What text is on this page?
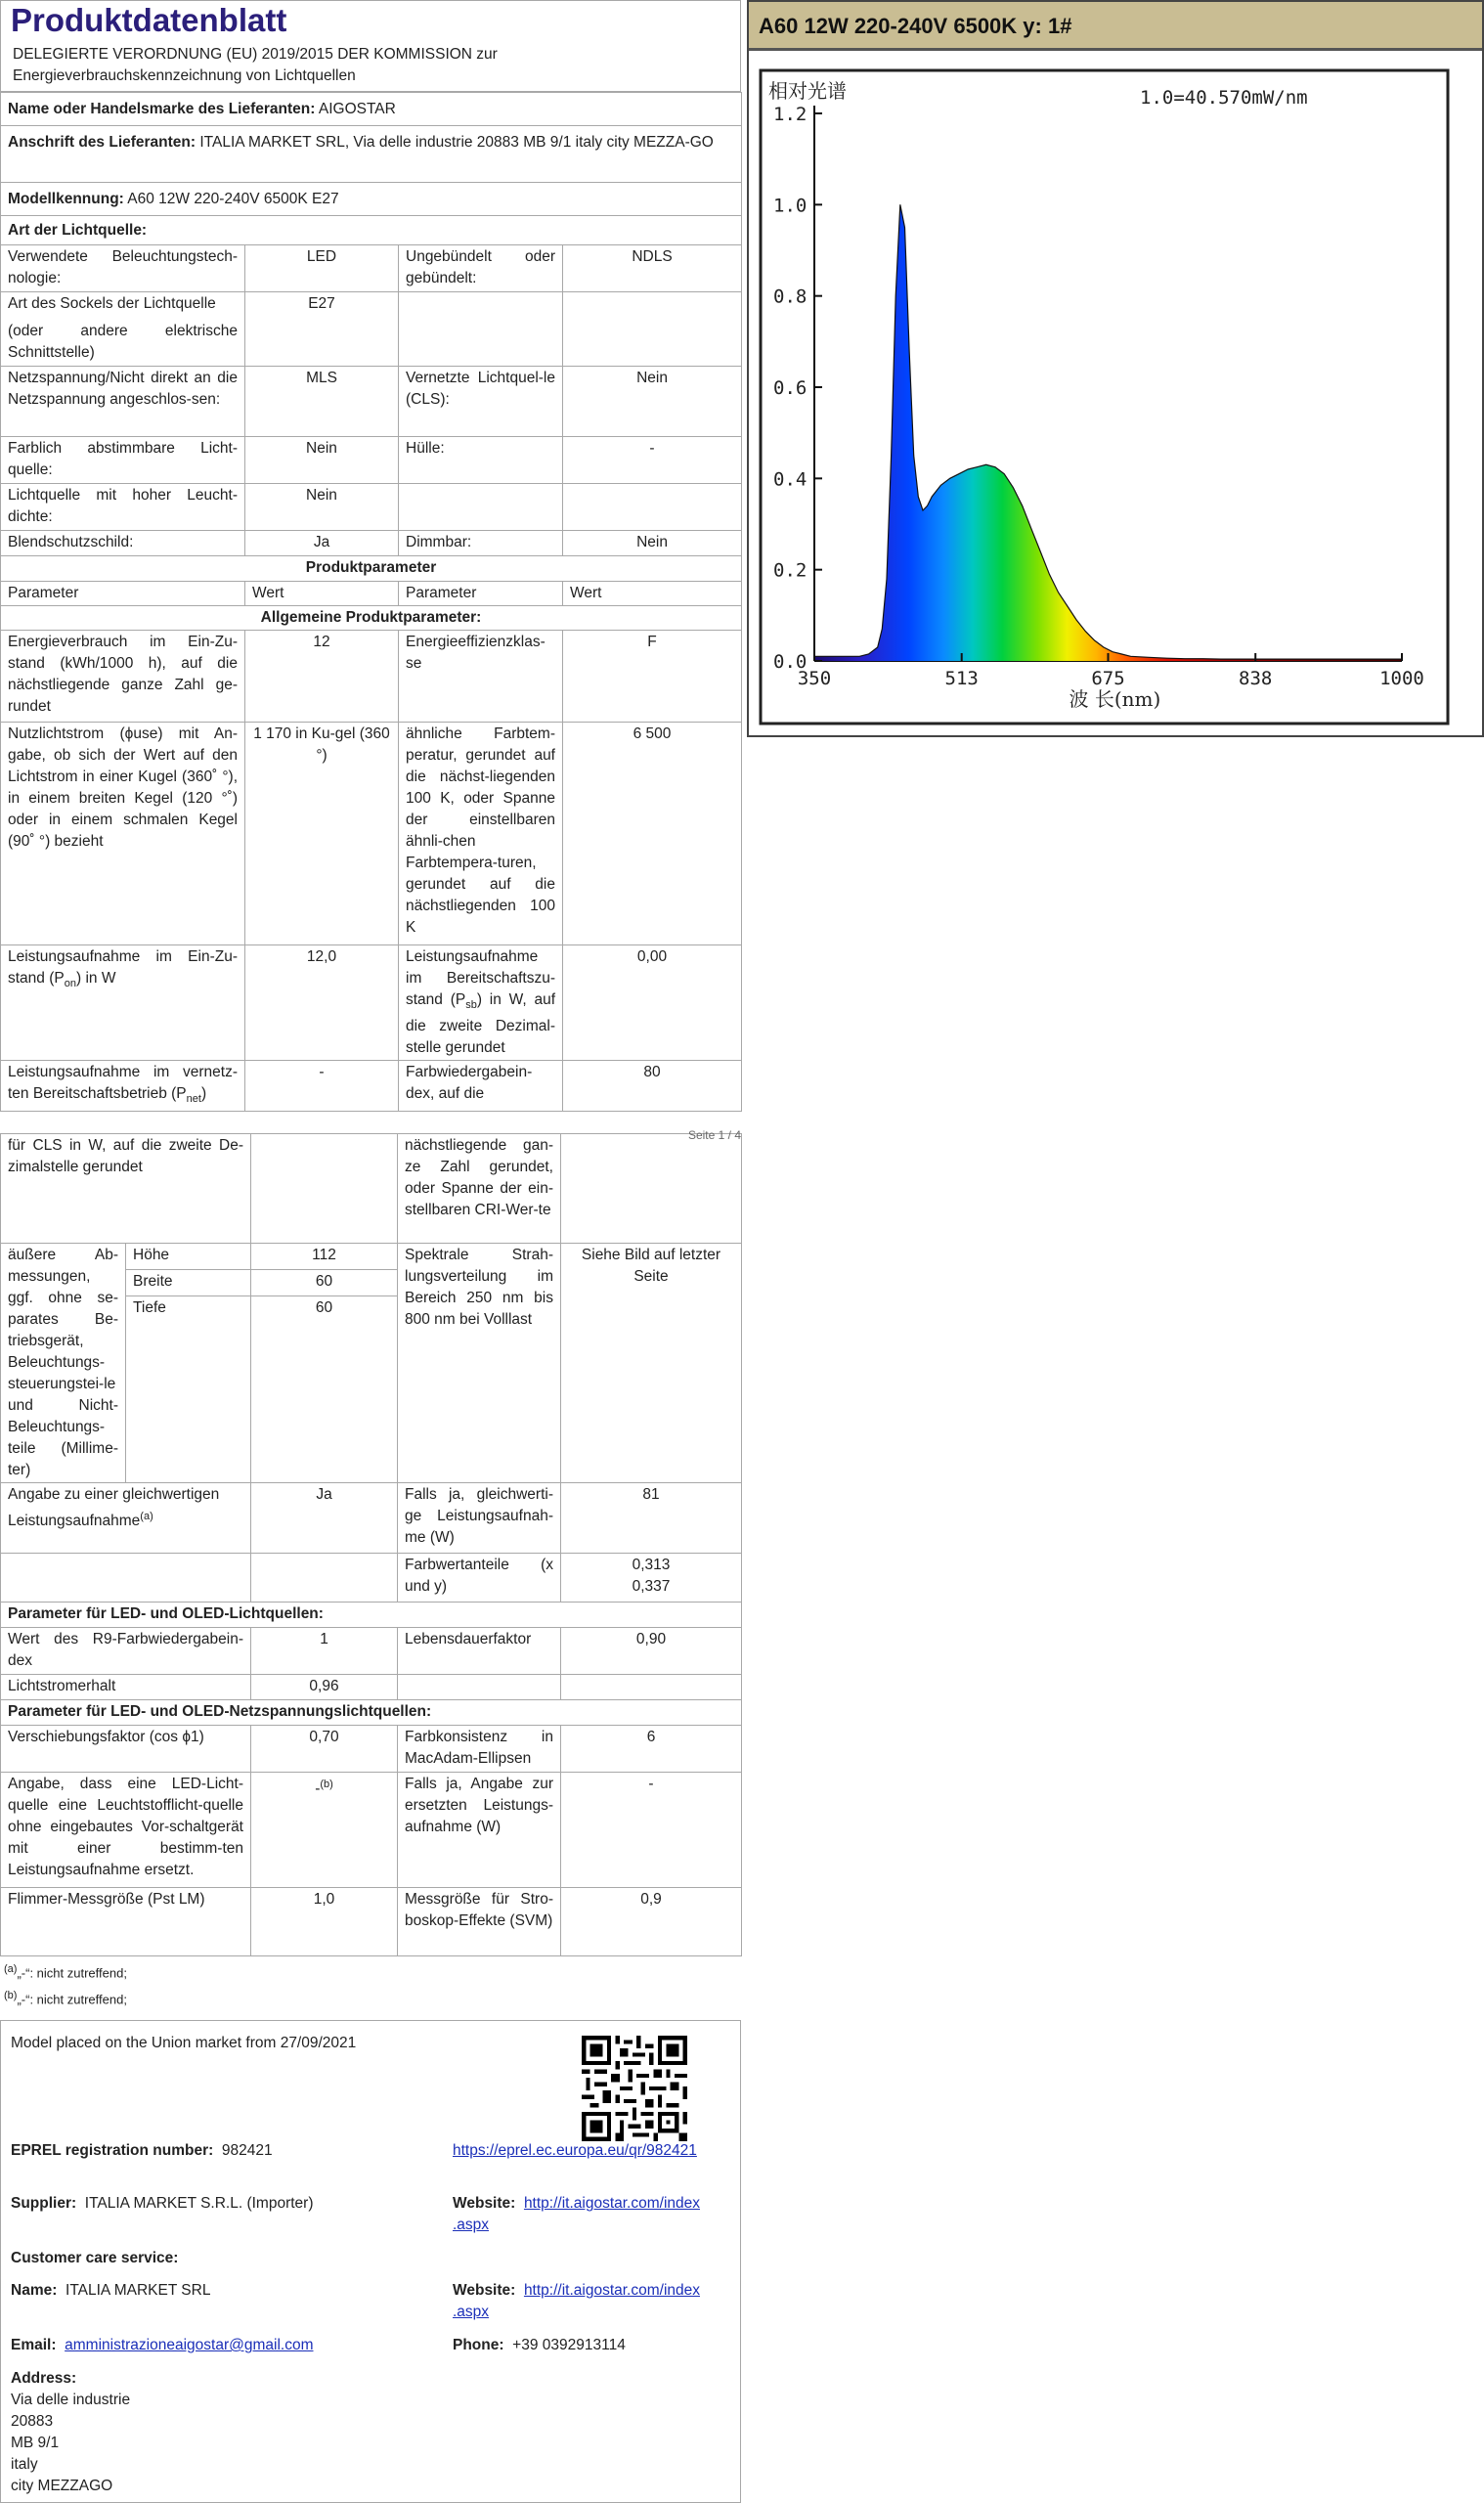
Produktdatenblatt
DELEGIERTE VERORDNUNG (EU) 2019/2015 DER KOMMISSION zur
Energieverbrauchskennzeichnung von Lichtquellen
Name oder Handelsmarke des Lieferanten: AIGOSTAR			
Anschrift des Lieferanten: ITALIA MARKET SRL, Via delle industrie 20883 MB 9/1 italy city MEZZA-GO			
Modellkennung: A60 12W 220-240V 6500K E27			
Art der Lichtquelle:			
Verwendete Beleuchtungstech-nologie:	LED	Ungebündelt oder gebündelt:	NDLS

Art des Sockels der Lichtquelle
(oder andere elektrische Schnittstelle)	E27		
Netzspannung/Nicht direkt an die Netzspannung angeschlos-sen:	MLS	Vernetzte Lichtquel-le (CLS):	Nein
Farblich abstimmbare Licht-quelle:	Nein	Hülle:	-
Lichtquelle mit hoher Leucht-dichte:	Nein		
Blendschutzschild:	Ja	Dimmbar:	Nein
Produktparameter			
Parameter	Wert	Parameter	Wert
Allgemeine Produktparameter:			
Energieverbrauch im Ein-Zu-stand (kWh/1000 h), auf die nächstliegende ganze Zahl ge-rundet	12	Energieeffizienzklas-se	F
Nutzlichtstrom (ϕuse) mit An-gabe, ob sich der Wert auf den Lichtstrom in einer Kugel (360˚ °), in einem breiten Kegel (120 °˚) oder in einem schmalen Kegel (90˚ °) bezieht	1 170 in Ku-gel (360 °)	ähnliche Farbtem-peratur, gerundet auf die nächst-liegenden 100 K, oder Spanne der einstellbaren ähnli-chen Farbtempera-turen, gerundet auf die nächstliegenden 100 K	6 500
Leistungsaufnahme im Ein-Zu-stand $(P_{on})$ in W	12,0	Leistungsaufnahme im Bereitschaftszu-stand $(P_{sb})$ in W, auf die zweite Dezimal-stelle gerundet	0,00
Leistungsaufnahme im vernetz-ten Bereitschaftsbetrieb $(P_{net})$	-	Farbwiedergabein-dex, auf die	80
für CLS in W, auf die zweite De-zimalstelle gerundet			nächstliegende gan-ze Zahl gerundet, oder Spanne der ein-stellbaren CRI-Wer-te	
äußere Ab-messungen, ggf. ohne se-parates Be-triebsgerät, Beleuchtungs-steuerungstei-le und Nicht-Beleuchtungs-teile (Millime-ter)	Höhe	112	Spektrale Strah-lungsverteilung im Bereich 250 nm bis 800 nm bei Volllast	Siehe Bild auf letzter Seite
	Breite	60		
	Tiefe	60		
Angabe zu einer gleichwertigen Leistungsaufnahme$^{(a)}$		Ja	Falls ja, gleichwerti-ge Leistungsaufnah-me (W)	81
			Farbwertanteile (x und y)	0,313
0,337

Parameter für LED- und OLED-Lichtquellen:				
Wert des R9-Farbwiedergabein-dex		1	Lebensdauerfaktor	0,90
Lichtstromerhalt		0,96		
Parameter für LED- und OLED-Netzspannungslichtquellen:				
Verschiebungsfaktor (cos ϕ1)		0,70	Farbkonsistenz in MacAdam-Ellipsen	6
Angabe, dass eine LED-Licht-quelle eine Leuchtstofflicht-quelle ohne eingebautes Vor-schaltgerät mit einer bestimm-ten Leistungsaufnahme ersetzt.		-$^{(b)}$	Falls ja, Angabe zur ersetzten Leistungs-aufnahme (W)	-
Flimmer-Messgröße (Pst LM)		1,0	Messgröße für Stro-boskop-Effekte (SVM)	0,9
$^{(a)}$„-“: nicht zutreffend;
$^{(b)}$„-“: nicht zutreffend;
Seite 1 / 4
Model placed on the Union market from 27/09/2021
EPREL registration number: 982421	https://eprel.ec.europa.eu/qr/982421
Supplier: ITALIA MARKET S.R.L. (Importer)	Website: http://it.aigostar.com/index
.aspx
Customer care service:
Name: ITALIA MARKET SRL	Website: http://it.aigostar.com/index
.aspx
Email: amministrazioneaigostar@gmail.com	Phone: +39 0392913114
Address:
Via delle industrie
20883
MB 9/1
italy
city MEZZAGO
A60 12W 220-240V 6500K y: 1#
0.0
0.2
0.4
0.6
0.8
1.0
1.2
350	513	675	838	1000
相对光谱
波 长(nm)
1.0=40.570mW/nm
